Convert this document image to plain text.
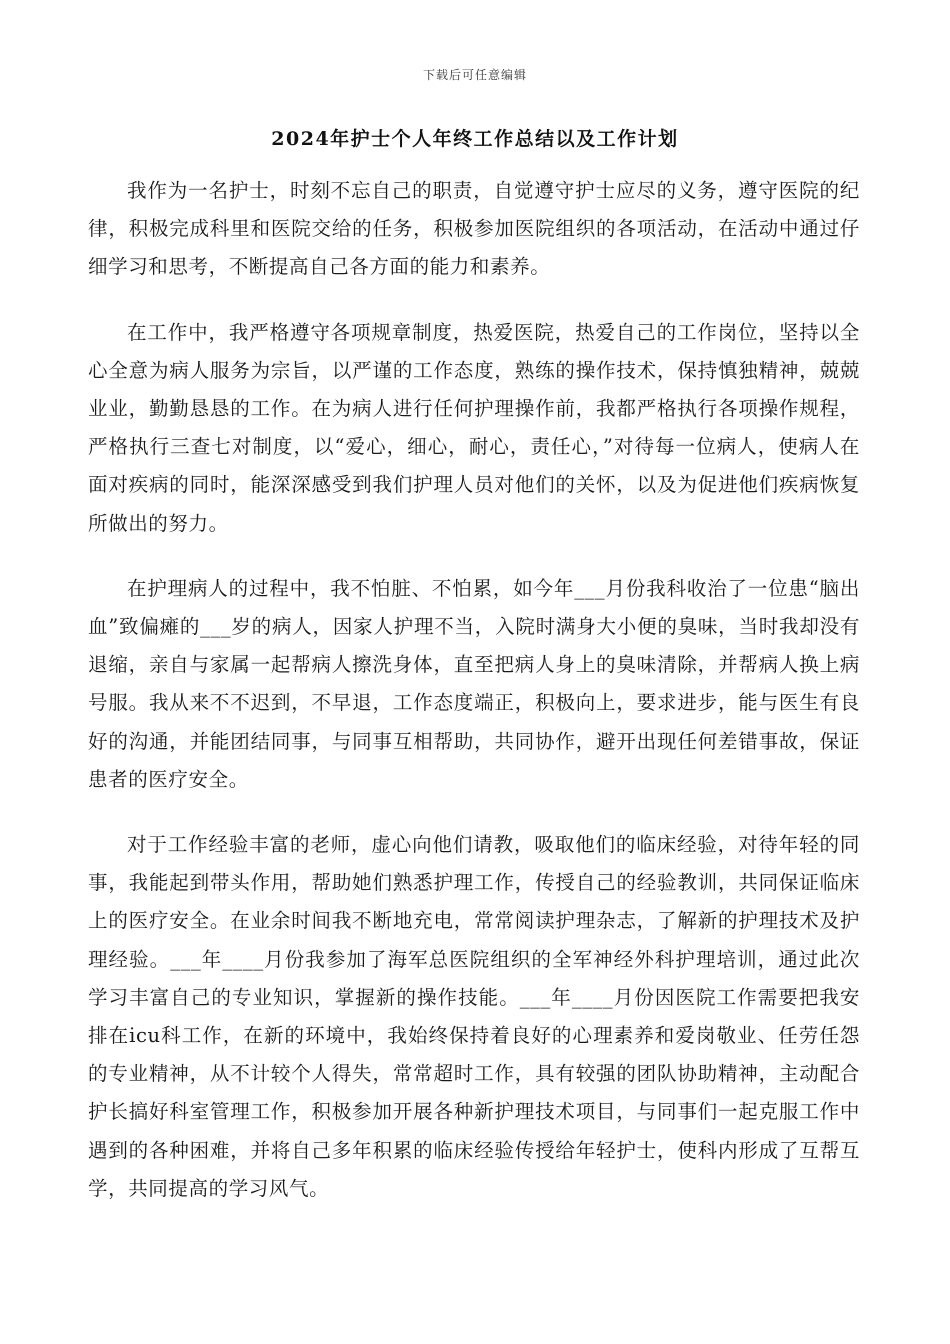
下载后可任意编辑
2024年护士个人年终工作总结以及工作计划

我作为一名护士，时刻不忘自己的职责，自觉遵守护士应尽的义务，遵守医院的纪律，积极完成科里和医院交给的任务，积极参加医院组织的各项活动，在活动中通过仔细学习和思考，不断提高自己各方面的能力和素养。

在工作中，我严格遵守各项规章制度，热爱医院，热爱自己的工作岗位，坚持以全心全意为病人服务为宗旨，以严谨的工作态度，熟练的操作技术，保持慎独精神，兢兢业业，勤勤恳恳的工作。在为病人进行任何护理操作前，我都严格执行各项操作规程，严格执行三查七对制度，以“爱心，细心，耐心，责任心，”对待每一位病人，使病人在面对疾病的同时，能深深感受到我们护理人员对他们的关怀，以及为促进他们疾病恢复所做出的努力。

在护理病人的过程中，我不怕脏、不怕累，如今年___月份我科收治了一位患“脑出血”致偏瘫的___岁的病人，因家人护理不当，入院时满身大小便的臭味，当时我却没有退缩，亲自与家属一起帮病人擦洗身体，直至把病人身上的臭味清除，并帮病人换上病号服。我从来不不迟到，不早退，工作态度端正，积极向上，要求进步，能与医生有良好的沟通，并能团结同事，与同事互相帮助，共同协作，避开出现任何差错事故，保证患者的医疗安全。

对于工作经验丰富的老师，虚心向他们请教，吸取他们的临床经验，对待年轻的同事，我能起到带头作用，帮助她们熟悉护理工作，传授自己的经验教训，共同保证临床上的医疗安全。在业余时间我不断地充电，常常阅读护理杂志，了解新的护理技术及护理经验。___年____月份我参加了海军总医院组织的全军神经外科护理培训，通过此次学习丰富自己的专业知识，掌握新的操作技能。___年____月份因医院工作需要把我安排在icu科工作，在新的环境中，我始终保持着良好的心理素养和爱岗敬业、任劳任怨的专业精神，从不计较个人得失，常常超时工作，具有较强的团队协助精神，主动配合护长搞好科室管理工作，积极参加开展各种新护理技术项目，与同事们一起克服工作中遇到的各种困难，并将自己多年积累的临床经验传授给年轻护士，使科内形成了互帮互学，共同提高的学习风气。
